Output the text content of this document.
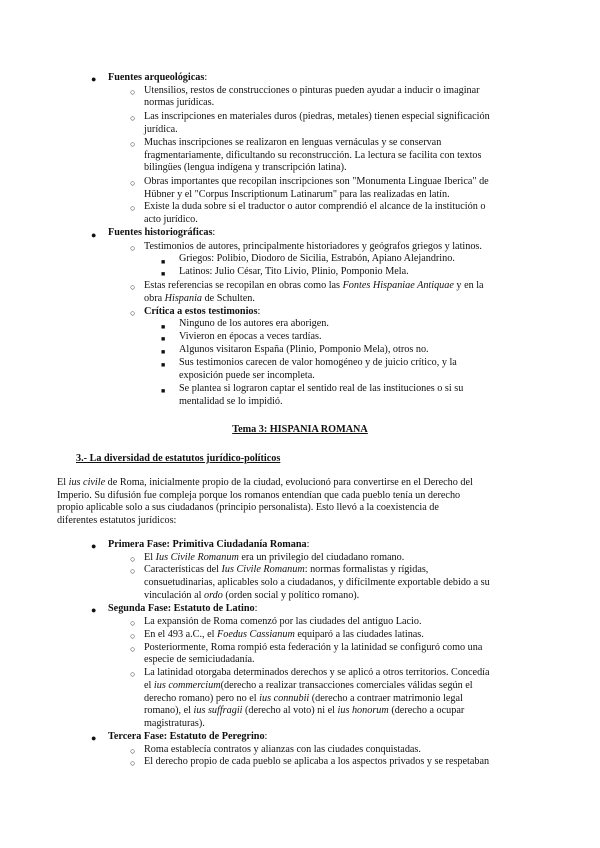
● Fuentes arqueológicas:
○ Utensilios, restos de construcciones o pinturas pueden ayudar a inducir o imaginar
normas jurídicas.
○ Las inscripciones en materiales duros (piedras, metales) tienen especial significación
jurídica.
○ Muchas inscripciones se realizaron en lenguas vernáculas y se conservan
fragmentariamente, dificultando su reconstrucción. La lectura se facilita con textos
bilingües (lengua indígena y transcripción latina).
○ Obras importantes que recopilan inscripciones son "Monumenta Linguae Iberica" de
Hübner y el "Corpus Inscriptionum Latinarum" para las realizadas en latín.
○ Existe la duda sobre si el traductor o autor comprendió el alcance de la institución o
acto jurídico.
● Fuentes historiográficas:
○ Testimonios de autores, principalmente historiadores y geógrafos griegos y latinos.
■ Griegos: Polibio, Diodoro de Sicilia, Estrabón, Apiano Alejandrino.
■ Latinos: Julio César, Tito Livio, Plinio, Pomponio Mela.
○ Estas referencias se recopilan en obras como las Fontes Hispaniae Antiquae y en la
obra Hispania de Schulten.
○ Crítica a estos testimonios:
■ Ninguno de los autores era aborigen.
■ Vivieron en épocas a veces tardías.
■ Algunos visitaron España (Plinio, Pomponio Mela), otros no.
■ Sus testimonios carecen de valor homogéneo y de juicio crítico, y la
exposición puede ser incompleta.
■ Se plantea si lograron captar el sentido real de las instituciones o si su
mentalidad se lo impidió.
Tema 3: HISPANIA ROMANA
3.- La diversidad de estatutos jurídico-políticos
El ius civile de Roma, inicialmente propio de la ciudad, evolucionó para convertirse en el Derecho del
Imperio. Su difusión fue compleja porque los romanos entendían que cada pueblo tenía un derecho
propio aplicable solo a sus ciudadanos (principio personalista). Esto llevó a la coexistencia de
diferentes estatutos jurídicos:
● Primera Fase: Primitiva Ciudadanía Romana:
○ El Ius Civile Romanum era un privilegio del ciudadano romano.
○ Características del Ius Civile Romanum: normas formalistas y rígidas,
consuetudinarias, aplicables solo a ciudadanos, y difícilmente exportable debido a su
vinculación al ordo (orden social y político romano).
● Segunda Fase: Estatuto de Latino:
○ La expansión de Roma comenzó por las ciudades del antiguo Lacio.
○ En el 493 a.C., el Foedus Cassianum equiparó a las ciudades latinas.
○ Posteriormente, Roma rompió esta federación y la latinidad se configuró como una
especie de semiciudadanía.
○ La latinidad otorgaba determinados derechos y se aplicó a otros territorios. Concedía
el ius commercium(derecho a realizar transacciones comerciales válidas según el
derecho romano) pero no el ius connubii (derecho a contraer matrimonio legal
romano), el ius suffragii (derecho al voto) ni el ius honorum (derecho a ocupar
magistraturas).
● Tercera Fase: Estatuto de Peregrino:
○ Roma establecía contratos y alianzas con las ciudades conquistadas.
○ El derecho propio de cada pueblo se aplicaba a los aspectos privados y se respetaban
